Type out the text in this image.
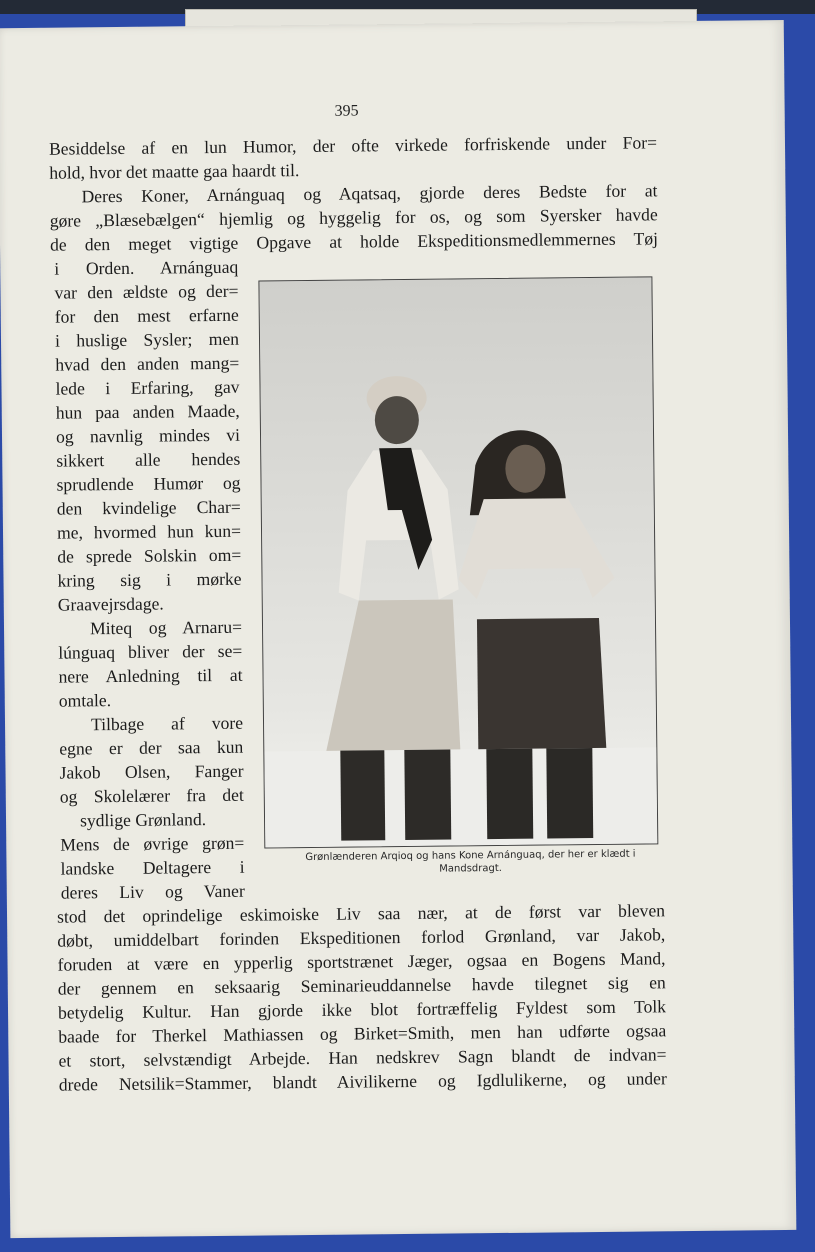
395
Besiddelse af en lun Humor, der ofte virkede forfriskende under For=
hold, hvor det maatte gaa haardt til.
Deres Koner, Arnánguaq og Aqatsaq, gjorde deres Bedste for at
gøre „Blæsebælgen“ hjemlig og hyggelig for os, og som Syersker havde
de den meget vigtige Opgave at holde Ekspeditionsmedlemmernes Tøj
i Orden. Arnánguaq
var den ældste og der=
for den mest erfarne
i huslige Sysler; men
hvad den anden mang=
lede i Erfaring, gav
hun paa anden Maade,
og navnlig mindes vi
sikkert alle hendes
sprudlende Humør og
den kvindelige Char=
me, hvormed hun kun=
de sprede Solskin om=
kring sig i mørke
Graavejrsdage.
Miteq og Arnaru=
lúnguaq bliver der se=
nere Anledning til at
omtale.
Tilbage af vore
egne er der saa kun
Jakob Olsen, Fanger
og Skolelærer fra det
sydlige Grønland.
Mens de øvrige grøn=
landske Deltagere i
deres Liv og Vaner
Grønlænderen Arqioq og hans Kone Arnánguaq, der her er klædt i
Mandsdragt.
stod det oprindelige eskimoiske Liv saa nær, at de først var bleven
døbt, umiddelbart forinden Ekspeditionen forlod Grønland, var Jakob,
foruden at være en ypperlig sportstrænet Jæger, ogsaa en Bogens Mand,
der gennem en seksaarig Seminarieuddannelse havde tilegnet sig en
betydelig Kultur. Han gjorde ikke blot fortræffelig Fyldest som Tolk
baade for Therkel Mathiassen og Birket=Smith, men han udførte ogsaa
et stort, selvstændigt Arbejde. Han nedskrev Sagn blandt de indvan=
drede Netsilik=Stammer, blandt Aivilikerne og Igdlulikerne, og under
